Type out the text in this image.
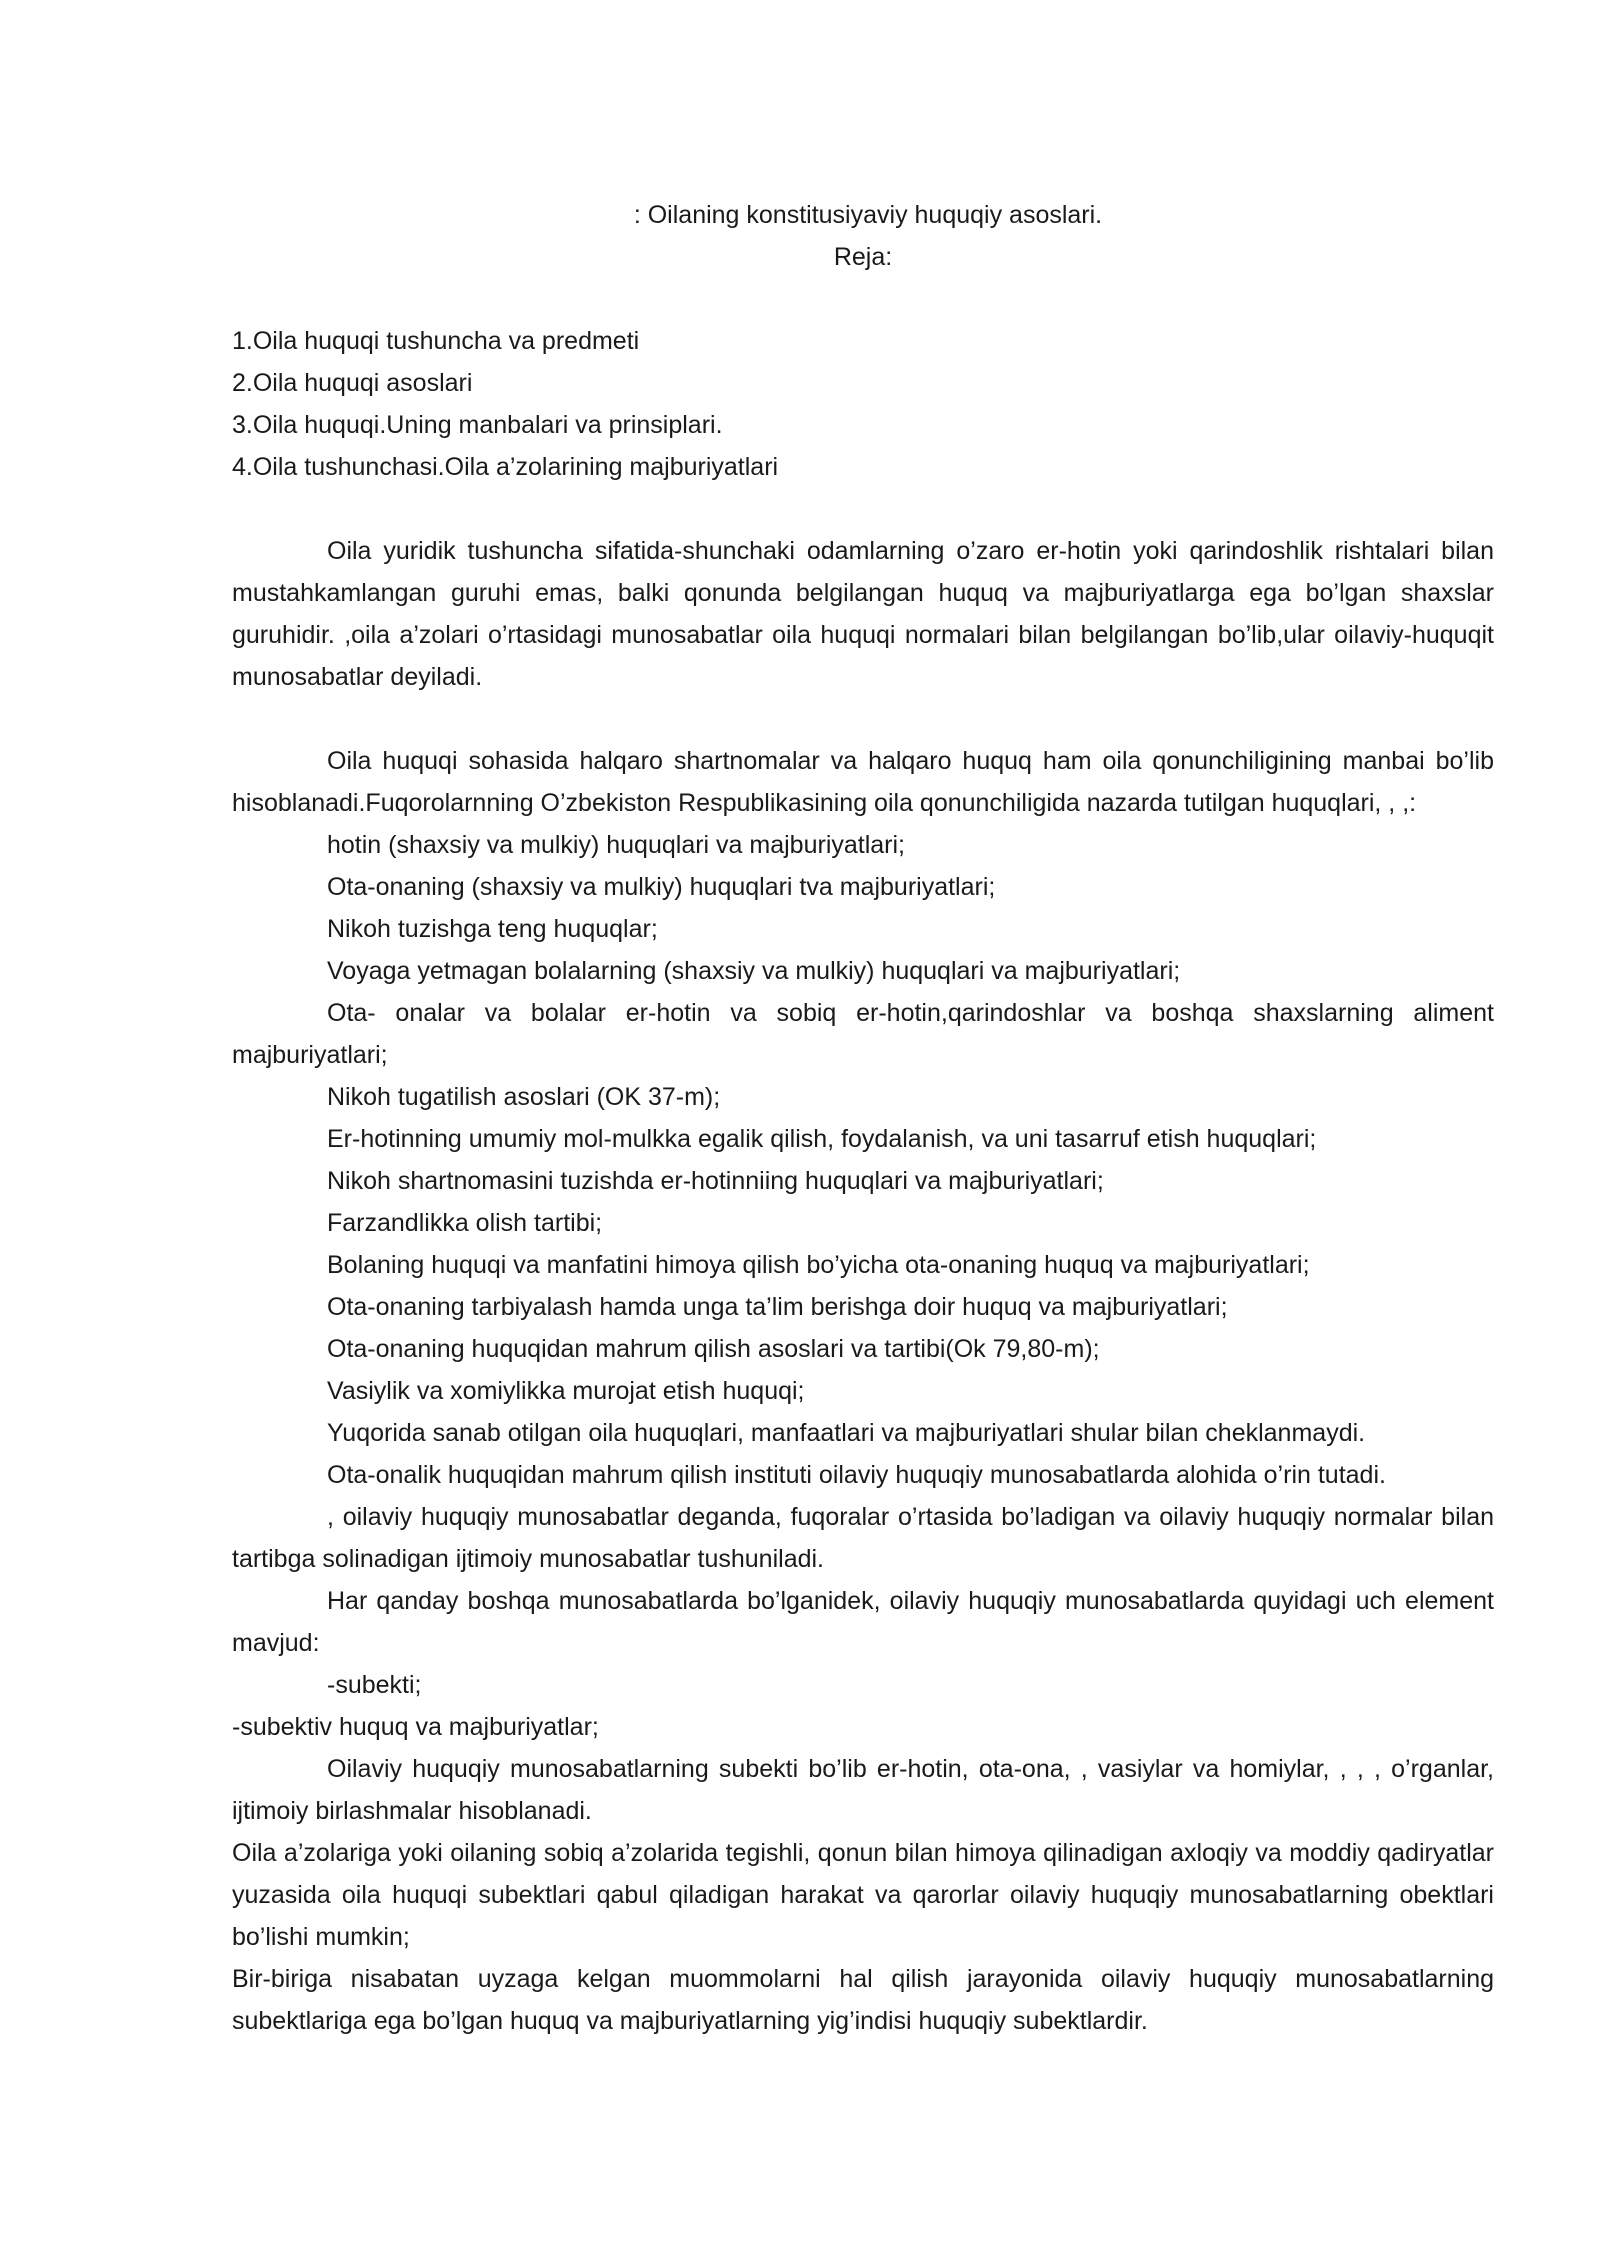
: Oilaning konstitusiyaviy huquqiy asoslari.

Reja:

1.Oila huquqi tushuncha va predmeti

2.Oila huquqi asoslari

3.Oila huquqi.Uning manbalari va prinsiplari.

4.Oila tushunchasi.Oila a’zolarining majburiyatlari

Oila yuridik tushuncha sifatida-shunchaki odamlarning o’zaro er-hotin yoki qarindoshlik rishtalari bilan mustahkamlangan guruhi emas, balki qonunda belgilangan huquq va majburiyatlarga ega bo’lgan shaxslar guruhidir. ,oila a’zolari o’rtasidagi munosabatlar oila huquqi normalari bilan belgilangan bo’lib,ular oilaviy-huquqit munosabatlar deyiladi.

Oila huquqi sohasida halqaro shartnomalar va halqaro huquq ham oila qonunchiligining manbai bo’lib hisoblanadi.Fuqorolarnning O’zbekiston Respublikasining oila qonunchiligida nazarda tutilgan huquqlari, , ,:

hotin (shaxsiy va mulkiy) huquqlari va majburiyatlari;

Ota-onaning (shaxsiy va mulkiy) huquqlari tva majburiyatlari;

Nikoh tuzishga teng huquqlar;

Voyaga yetmagan bolalarning (shaxsiy va mulkiy) huquqlari va majburiyatlari;

Ota- onalar va bolalar er-hotin va sobiq er-hotin,qarindoshlar va boshqa shaxslarning aliment majburiyatlari;

Nikoh tugatilish asoslari (OK 37-m);

Er-hotinning umumiy mol-mulkka egalik qilish, foydalanish, va uni tasarruf etish huquqlari;

Nikoh shartnomasini tuzishda er-hotinniing huquqlari va majburiyatlari;

Farzandlikka olish tartibi;

Bolaning huquqi va manfatini himoya qilish bo’yicha ota-onaning huquq va majburiyatlari;

Ota-onaning tarbiyalash hamda unga ta’lim berishga doir huquq va majburiyatlari;

Ota-onaning huquqidan mahrum qilish asoslari va tartibi(Ok 79,80-m);

Vasiylik va xomiylikka murojat etish huquqi;

Yuqorida sanab otilgan oila huquqlari, manfaatlari va majburiyatlari shular bilan cheklanmaydi.

Ota-onalik huquqidan mahrum qilish instituti oilaviy huquqiy munosabatlarda alohida o’rin tutadi.

, oilaviy huquqiy munosabatlar deganda, fuqoralar o’rtasida bo’ladigan va oilaviy huquqiy normalar bilan tartibga solinadigan ijtimoiy munosabatlar tushuniladi.

Har qanday boshqa munosabatlarda bo’lganidek, oilaviy huquqiy munosabatlarda quyidagi uch element mavjud:

-subekti;

-subektiv huquq va majburiyatlar;

Oilaviy huquqiy munosabatlarning subekti bo’lib er-hotin, ota-ona, , vasiylar va homiylar, , , , o’rganlar, ijtimoiy birlashmalar hisoblanadi.

Oila a’zolariga yoki oilaning sobiq a’zolarida tegishli, qonun bilan himoya qilinadigan axloqiy va moddiy qadiryatlar yuzasida oila huquqi subektlari qabul qiladigan harakat va qarorlar oilaviy huquqiy munosabatlarning obektlari bo’lishi mumkin;

Bir-biriga nisabatan uyzaga kelgan muommolarni hal qilish jarayonida oilaviy huquqiy munosabatlarning subektlariga ega bo’lgan huquq va majburiyatlarning yig’indisi huquqiy subektlardir.
